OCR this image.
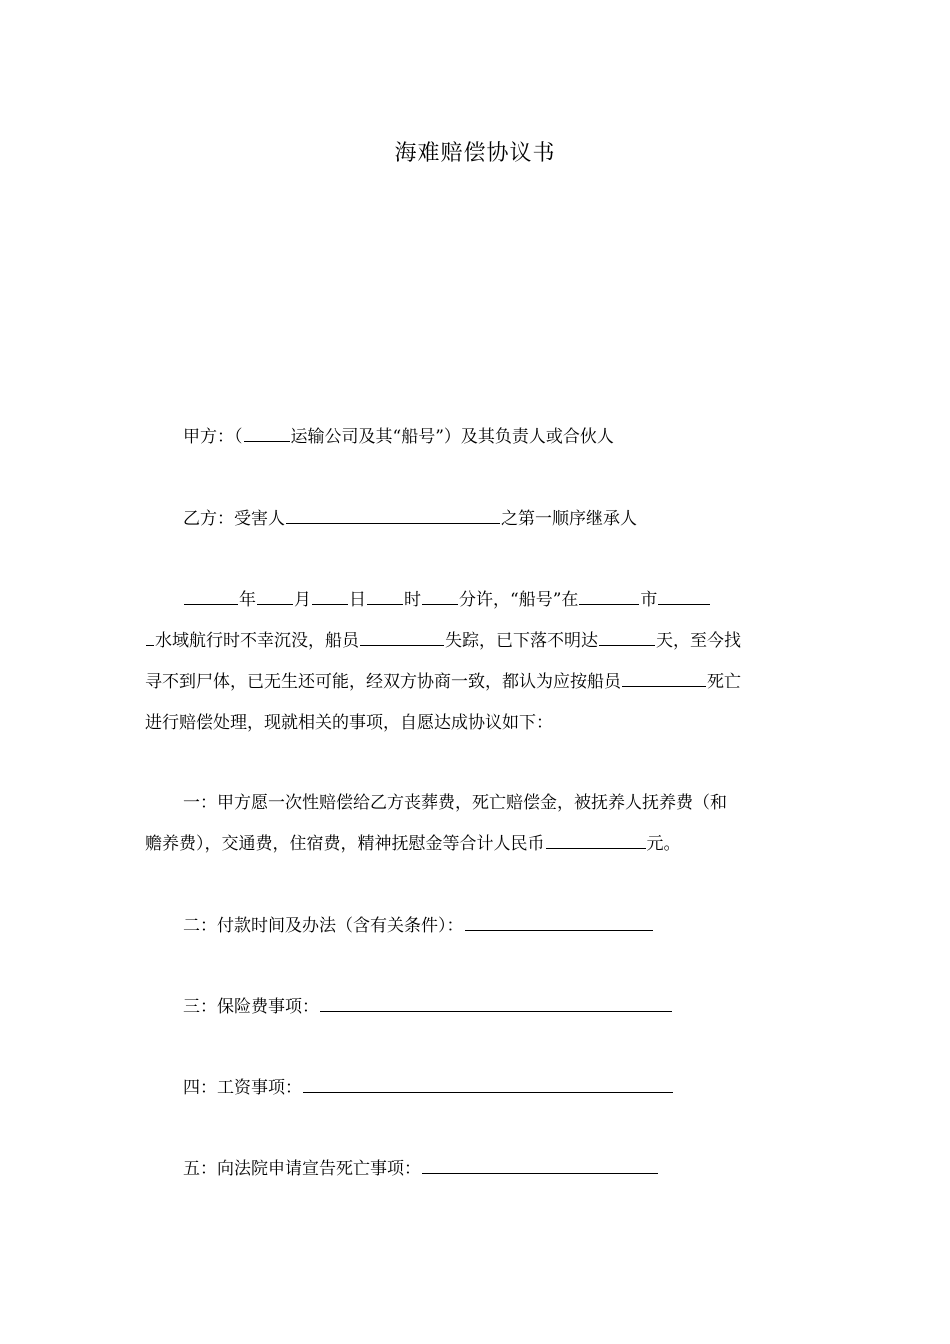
海难赔偿协议书
甲方：（	运输公司及其“船号”）及其负责人或合伙人
乙方：受害人	之第一顺序继承人
年 月 日 时 分许，“船号”在	市
水域航行时不幸沉没，船员	失踪，已下落不明达	天，至今找
寻不到尸体，已无生还可能，经双方协商一致，都认为应按船员	死亡
进行赔偿处理，现就相关的事项，自愿达成协议如下：
一：甲方愿一次性赔偿给乙方丧葬费，死亡赔偿金，被抚养人抚养费（和
赡养费），交通费，住宿费，精神抚慰金等合计人民币	元。
二：付款时间及办法（含有关条件）：
三：保险费事项：
四：工资事项：
五：向法院申请宣告死亡事项：
